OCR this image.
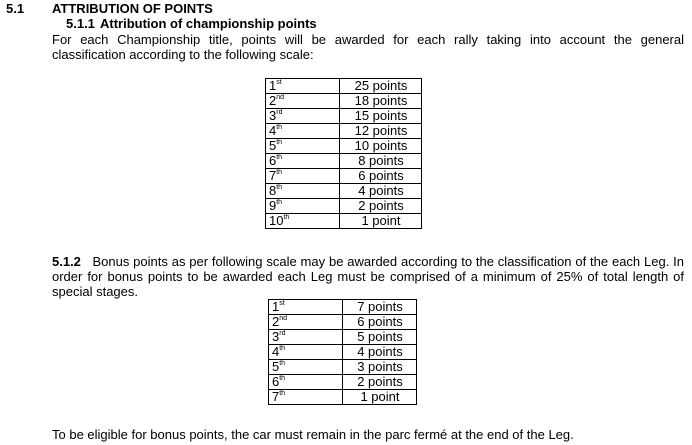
5.1 ATTRIBUTION OF POINTS
5.1.1 Attribution of championship points
For each Championship title, points will be awarded for each rally taking into account the general classification according to the following scale:
1st	25 points
2nd	18 points
3rd	15 points
4th	12 points
5th	10 points
6th	8 points
7th	6 points
8th	4 points
9th	2 points
10th	1 point
5.1.2 Bonus points as per following scale may be awarded according to the classification of the each Leg. In order for bonus points to be awarded each Leg must be comprised of a minimum of 25% of total length of special stages.
1st	7 points
2nd	6 points
3rd	5 points
4th	4 points
5th	3 points
6th	2 points
7th	1 point
To be eligible for bonus points, the car must remain in the parc fermé at the end of the Leg.
